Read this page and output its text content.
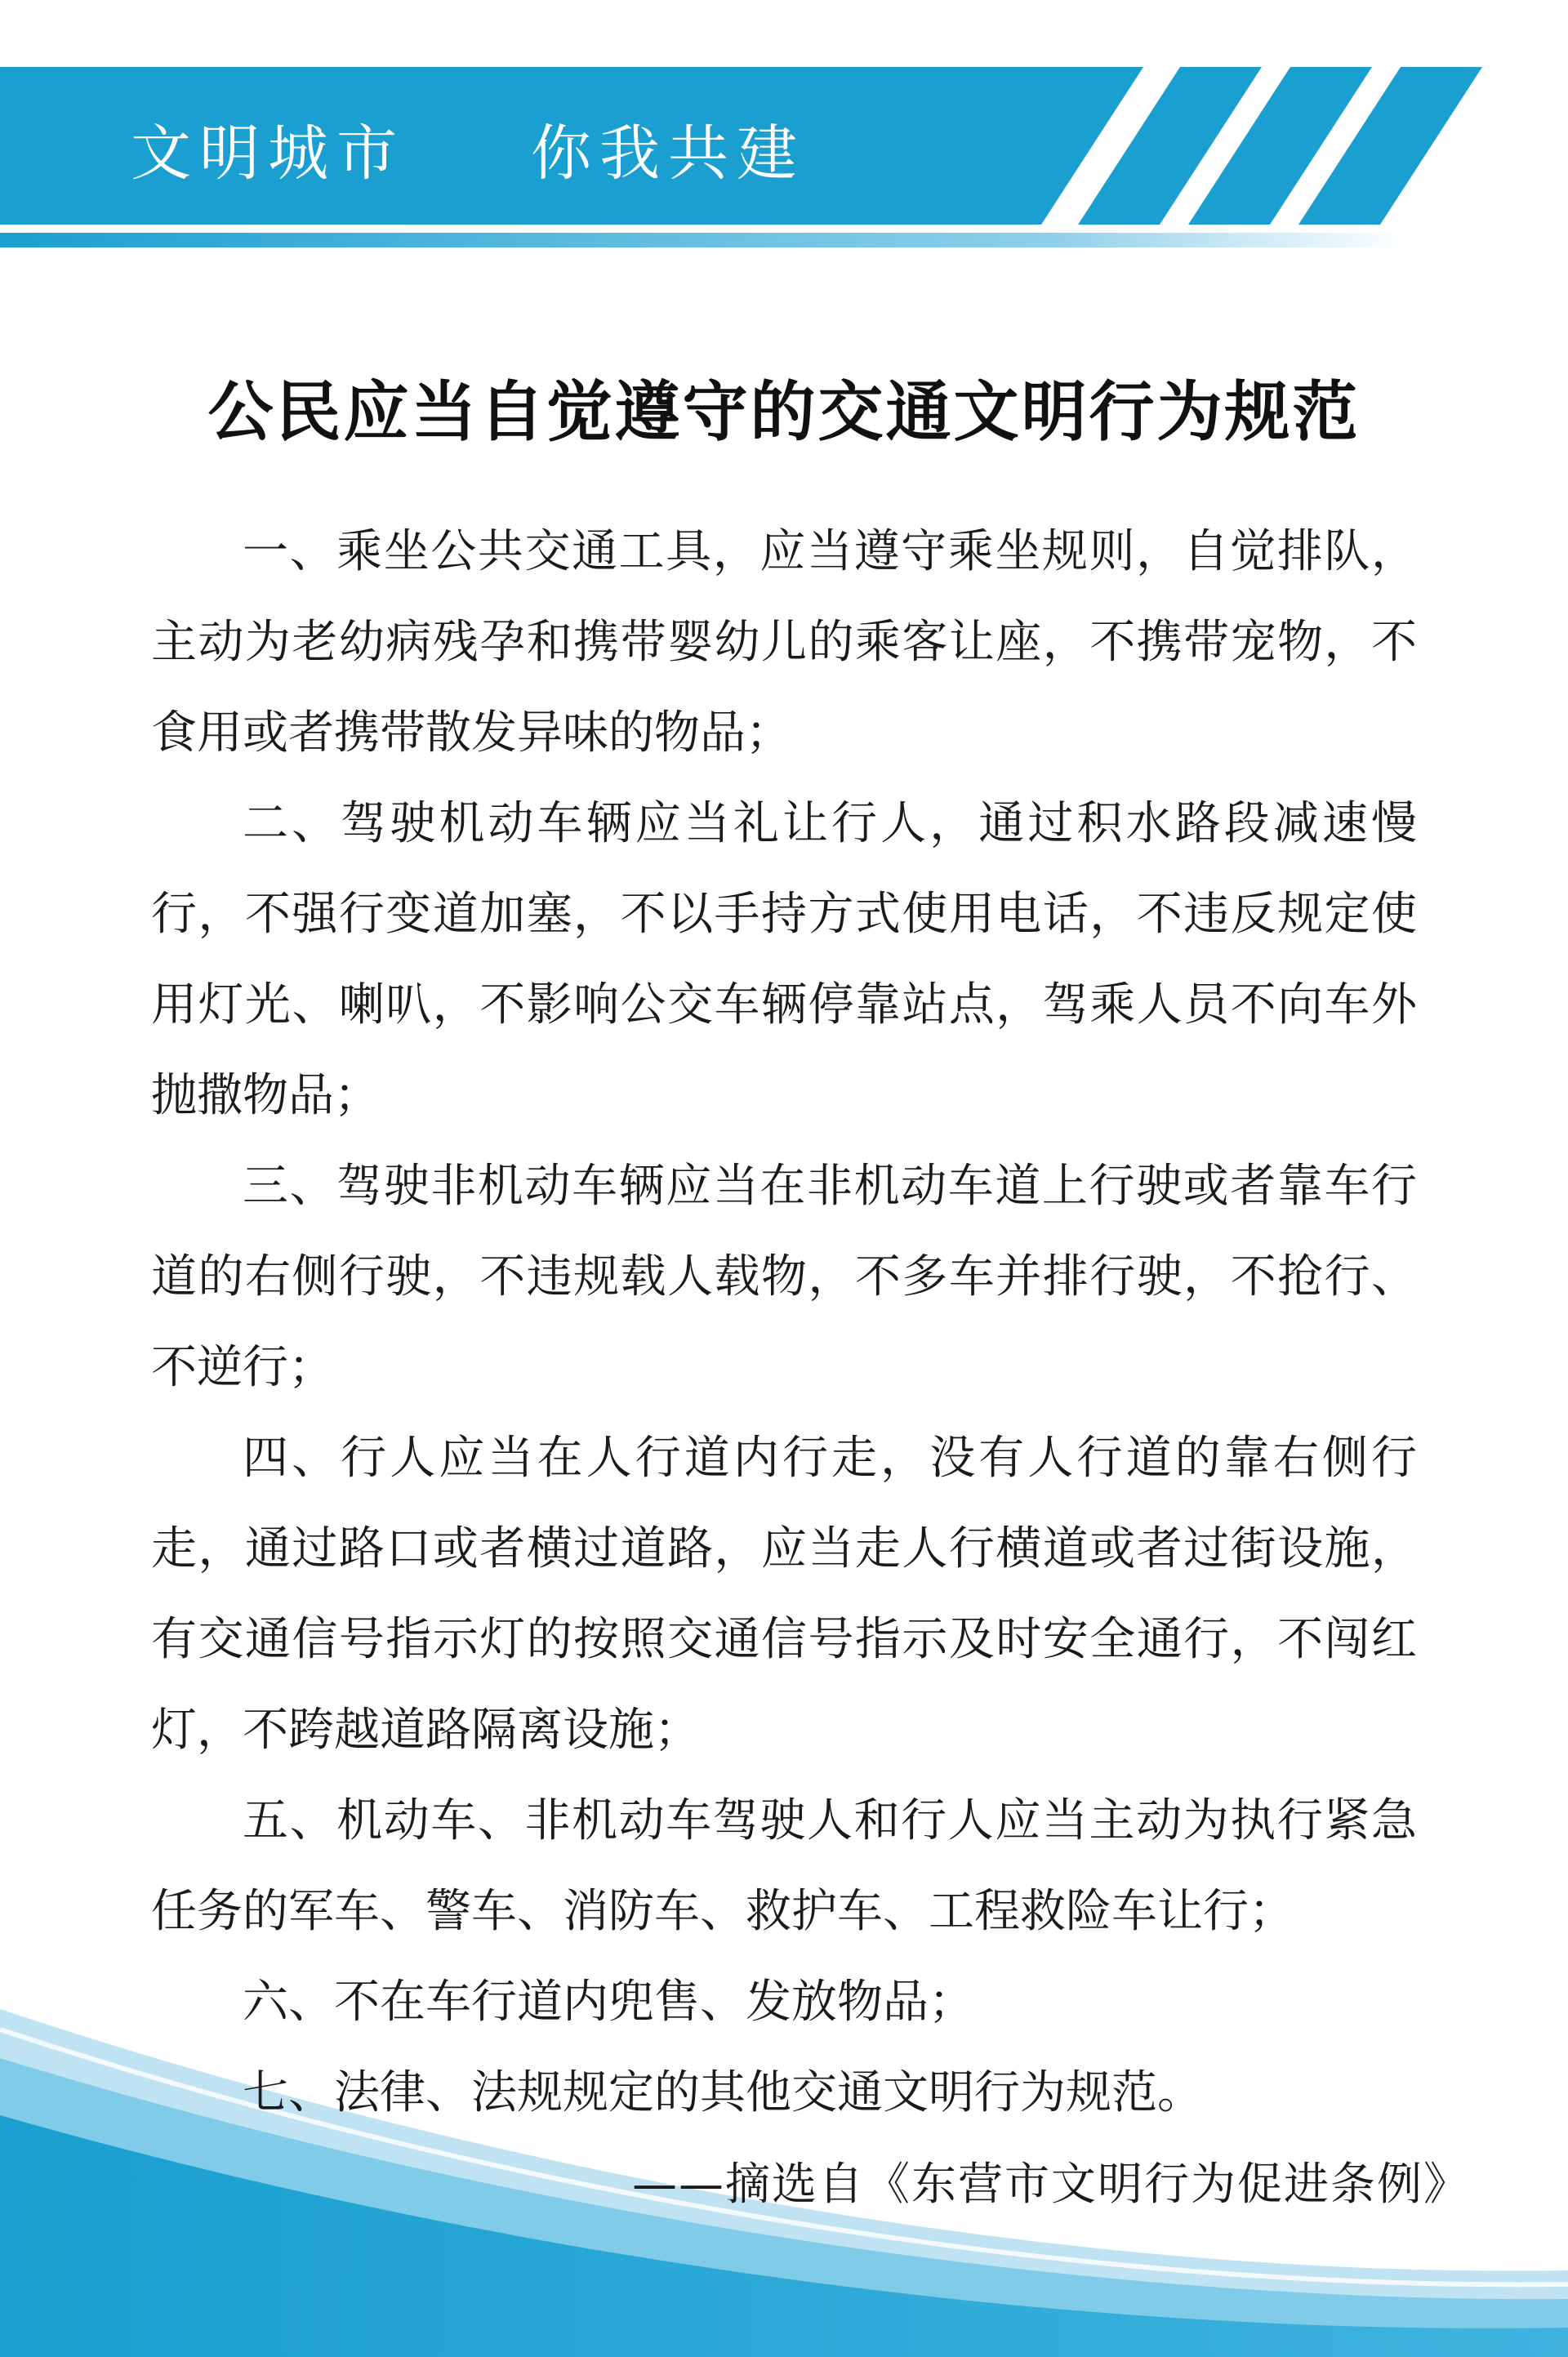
文明城市 你我共建
公民应当自觉遵守的交通文明行为规范

一、乘坐公共交通工具，应当遵守乘坐规则，自觉排队，主动为老幼病残孕和携带婴幼儿的乘客让座，不携带宠物，不食用或者携带散发异味的物品；

二、驾驶机动车辆应当礼让行人，通过积水路段减速慢行，不强行变道加塞，不以手持方式使用电话，不违反规定使用灯光、喇叭，不影响公交车辆停靠站点，驾乘人员不向车外抛撒物品；

三、驾驶非机动车辆应当在非机动车道上行驶或者靠车行道的右侧行驶，不违规载人载物，不多车并排行驶，不抢行、不逆行；

四、行人应当在人行道内行走，没有人行道的靠右侧行走，通过路口或者横过道路，应当走人行横道或者过街设施，有交通信号指示灯的按照交通信号指示及时安全通行，不闯红灯，不跨越道路隔离设施；

五、机动车、非机动车驾驶人和行人应当主动为执行紧急任务的军车、警车、消防车、救护车、工程救险车让行；

六、不在车行道内兜售、发放物品；

七、法律、法规规定的其他交通文明行为规范。

——摘选自《东营市文明行为促进条例》
